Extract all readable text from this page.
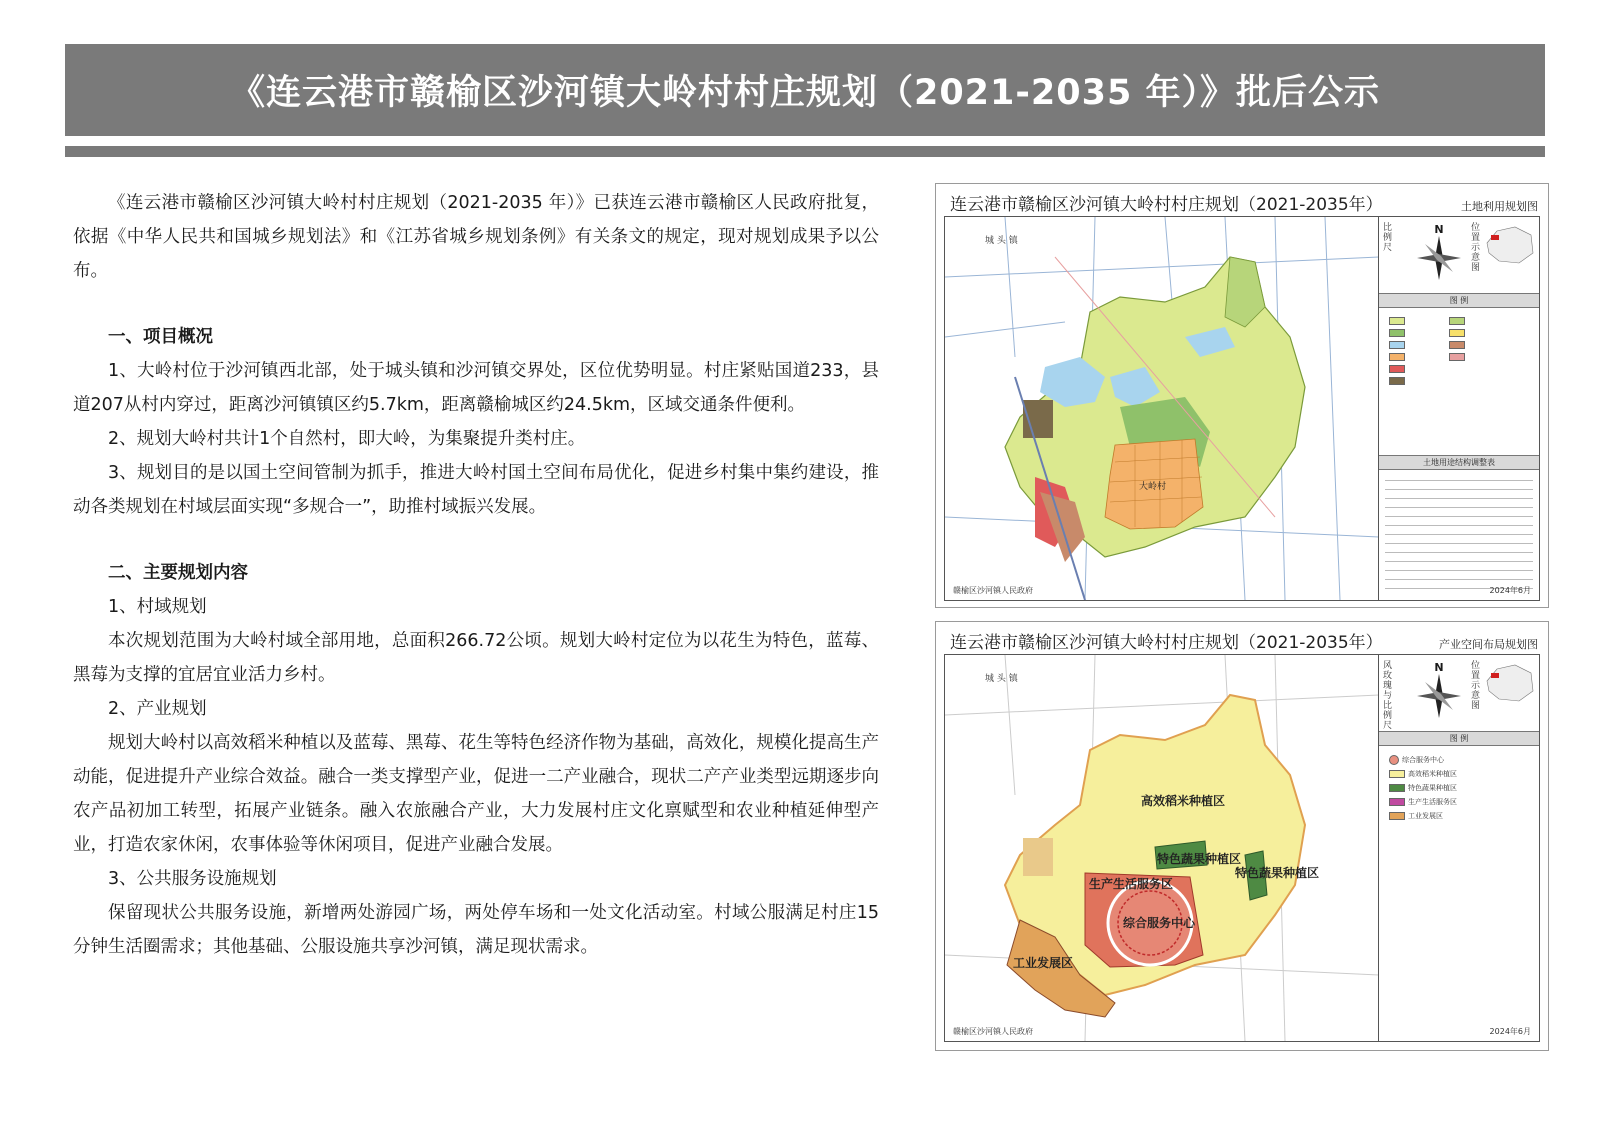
《连云港市赣榆区沙河镇大岭村村庄规划（2021-2035 年）》批后公示

《连云港市赣榆区沙河镇大岭村村庄规划（2021-2035 年）》已获连云港市赣榆区人民政府批复，依据《中华人民共和国城乡规划法》和《江苏省城乡规划条例》有关条文的规定，现对规划成果予以公布。

一、项目概况

1、大岭村位于沙河镇西北部，处于城头镇和沙河镇交界处，区位优势明显。村庄紧贴国道233，县道207从村内穿过，距离沙河镇镇区约5.7km，距离赣榆城区约24.5km，区域交通条件便利。

2、规划大岭村共计1个自然村，即大岭，为集聚提升类村庄。

3、规划目的是以国土空间管制为抓手，推进大岭村国土空间布局优化，促进乡村集中集约建设，推动各类规划在村域层面实现“多规合一”，助推村域振兴发展。

二、主要规划内容

1、村域规划

本次规划范围为大岭村域全部用地，总面积266.72公顷。规划大岭村定位为以花生为特色，蓝莓、黑莓为支撑的宜居宜业活力乡村。

2、产业规划

规划大岭村以高效稻米种植以及蓝莓、黑莓、花生等特色经济作物为基础，高效化，规模化提高生产动能，促进提升产业综合效益。融合一类支撑型产业，促进一二产业融合，现状二产产业类型远期逐步向农产品初加工转型，拓展产业链条。融入农旅融合产业，大力发展村庄文化禀赋型和农业种植延伸型产业，打造农家休闲，农事体验等休闲项目，促进产业融合发展。

3、公共服务设施规划

保留现状公共服务设施，新增两处游园广场，两处停车场和一处文化活动室。村域公服满足村庄15分钟生活圈需求；其他基础、公服设施共享沙河镇，满足现状需求。

连云港市赣榆区沙河镇大岭村村庄规划（2021-2035年）	土地利用规划图
大岭村
城 头 镇
比例尺
N	位置示意图
图 例
土地用途结构调整表
赣榆区沙河镇人民政府	2024年6月
连云港市赣榆区沙河镇大岭村村庄规划（2021-2035年）	产业空间布局规划图
高效稻米种植区
特色蔬果种植区
特色蔬果种植区
生产生活服务区
综合服务中心
工业发展区
城 头 镇
风玫瑰与比例尺
N	位置示意图
图 例
综合服务中心
高效稻米种植区
特色蔬果种植区
生产生活服务区
工业发展区
赣榆区沙河镇人民政府	2024年6月
